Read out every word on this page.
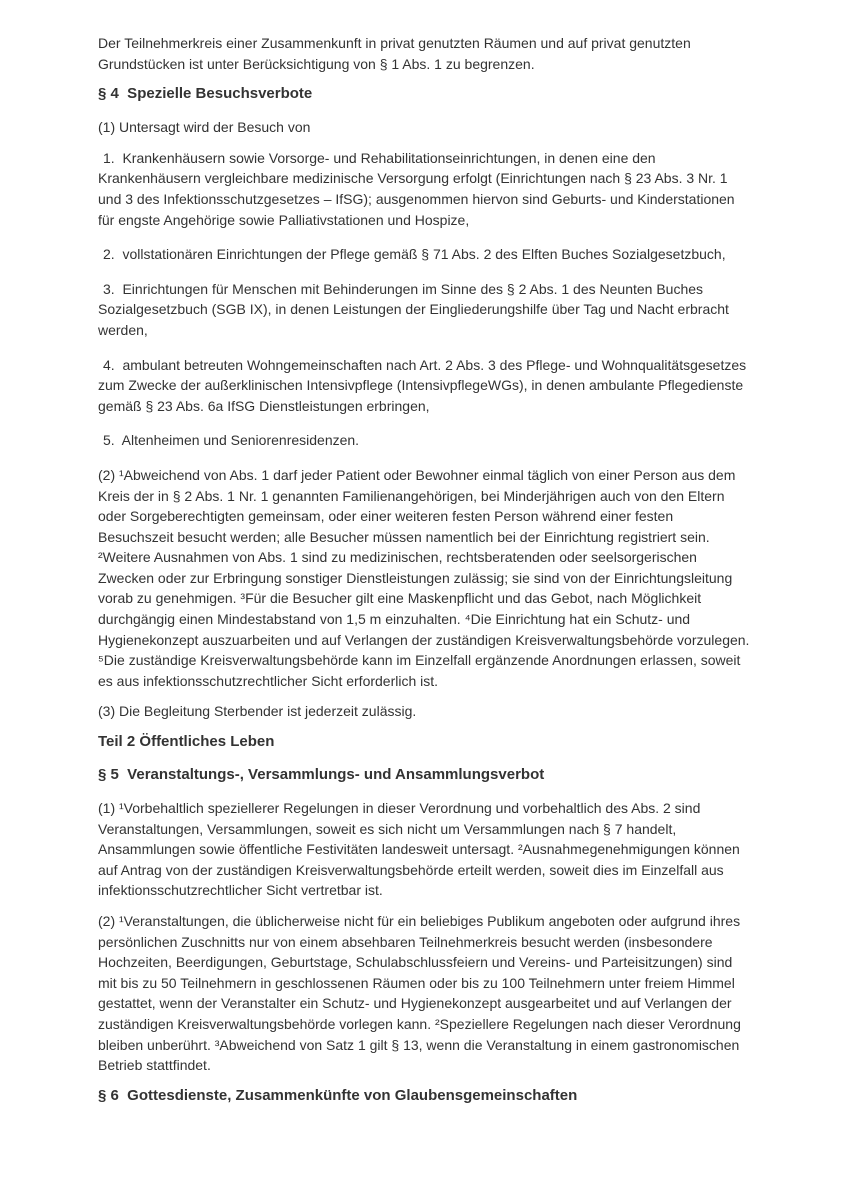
Der Teilnehmerkreis einer Zusammenkunft in privat genutzten Räumen und auf privat genutzten Grundstücken ist unter Berücksichtigung von § 1 Abs. 1 zu begrenzen.

§ 4  Spezielle Besuchsverbote

(1) Untersagt wird der Besuch von

1.  Krankenhäusern sowie Vorsorge- und Rehabilitationseinrichtungen, in denen eine den Krankenhäusern vergleichbare medizinische Versorgung erfolgt (Einrichtungen nach § 23 Abs. 3 Nr. 1 und 3 des Infektionsschutzgesetzes – IfSG); ausgenommen hiervon sind Geburts- und Kinderstationen für engste Angehörige sowie Palliativstationen und Hospize,

2.  vollstationären Einrichtungen der Pflege gemäß § 71 Abs. 2 des Elften Buches Sozialgesetzbuch,

3.  Einrichtungen für Menschen mit Behinderungen im Sinne des § 2 Abs. 1 des Neunten Buches Sozialgesetzbuch (SGB IX), in denen Leistungen der Eingliederungshilfe über Tag und Nacht erbracht werden,

4.  ambulant betreuten Wohngemeinschaften nach Art. 2 Abs. 3 des Pflege- und Wohnqualitätsgesetzes zum Zwecke der außerklinischen Intensivpflege (IntensivpflegeWGs), in denen ambulante Pflegedienste gemäß § 23 Abs. 6a IfSG Dienstleistungen erbringen,

5.  Altenheimen und Seniorenresidenzen.

(2) ¹Abweichend von Abs. 1 darf jeder Patient oder Bewohner einmal täglich von einer Person aus dem Kreis der in § 2 Abs. 1 Nr. 1 genannten Familienangehörigen, bei Minderjährigen auch von den Eltern oder Sorgeberechtigten gemeinsam, oder einer weiteren festen Person während einer festen Besuchszeit besucht werden; alle Besucher müssen namentlich bei der Einrichtung registriert sein. ²Weitere Ausnahmen von Abs. 1 sind zu medizinischen, rechtsberatenden oder seelsorgerischen Zwecken oder zur Erbringung sonstiger Dienstleistungen zulässig; sie sind von der Einrichtungsleitung vorab zu genehmigen. ³Für die Besucher gilt eine Maskenpflicht und das Gebot, nach Möglichkeit durchgängig einen Mindestabstand von 1,5 m einzuhalten. ⁴Die Einrichtung hat ein Schutz- und Hygienekonzept auszuarbeiten und auf Verlangen der zuständigen Kreisverwaltungsbehörde vorzulegen. ⁵Die zuständige Kreisverwaltungsbehörde kann im Einzelfall ergänzende Anordnungen erlassen, soweit es aus infektionsschutzrechtlicher Sicht erforderlich ist.

(3) Die Begleitung Sterbender ist jederzeit zulässig.

Teil 2 Öffentliches Leben
§ 5  Veranstaltungs-, Versammlungs- und Ansammlungsverbot

(1) ¹Vorbehaltlich speziellerer Regelungen in dieser Verordnung und vorbehaltlich des Abs. 2 sind Veranstaltungen, Versammlungen, soweit es sich nicht um Versammlungen nach § 7 handelt, Ansammlungen sowie öffentliche Festivitäten landesweit untersagt. ²Ausnahmegenehmigungen können auf Antrag von der zuständigen Kreisverwaltungsbehörde erteilt werden, soweit dies im Einzelfall aus infektionsschutzrechtlicher Sicht vertretbar ist.

(2) ¹Veranstaltungen, die üblicherweise nicht für ein beliebiges Publikum angeboten oder aufgrund ihres persönlichen Zuschnitts nur von einem absehbaren Teilnehmerkreis besucht werden (insbesondere Hochzeiten, Beerdigungen, Geburtstage, Schulabschlussfeiern und Vereins- und Parteisitzungen) sind mit bis zu 50 Teilnehmern in geschlossenen Räumen oder bis zu 100 Teilnehmern unter freiem Himmel gestattet, wenn der Veranstalter ein Schutz- und Hygienekonzept ausgearbeitet und auf Verlangen der zuständigen Kreisverwaltungsbehörde vorlegen kann. ²Speziellere Regelungen nach dieser Verordnung bleiben unberührt. ³Abweichend von Satz 1 gilt § 13, wenn die Veranstaltung in einem gastronomischen Betrieb stattfindet.

§ 6  Gottesdienste, Zusammenkünfte von Glaubensgemeinschaften
